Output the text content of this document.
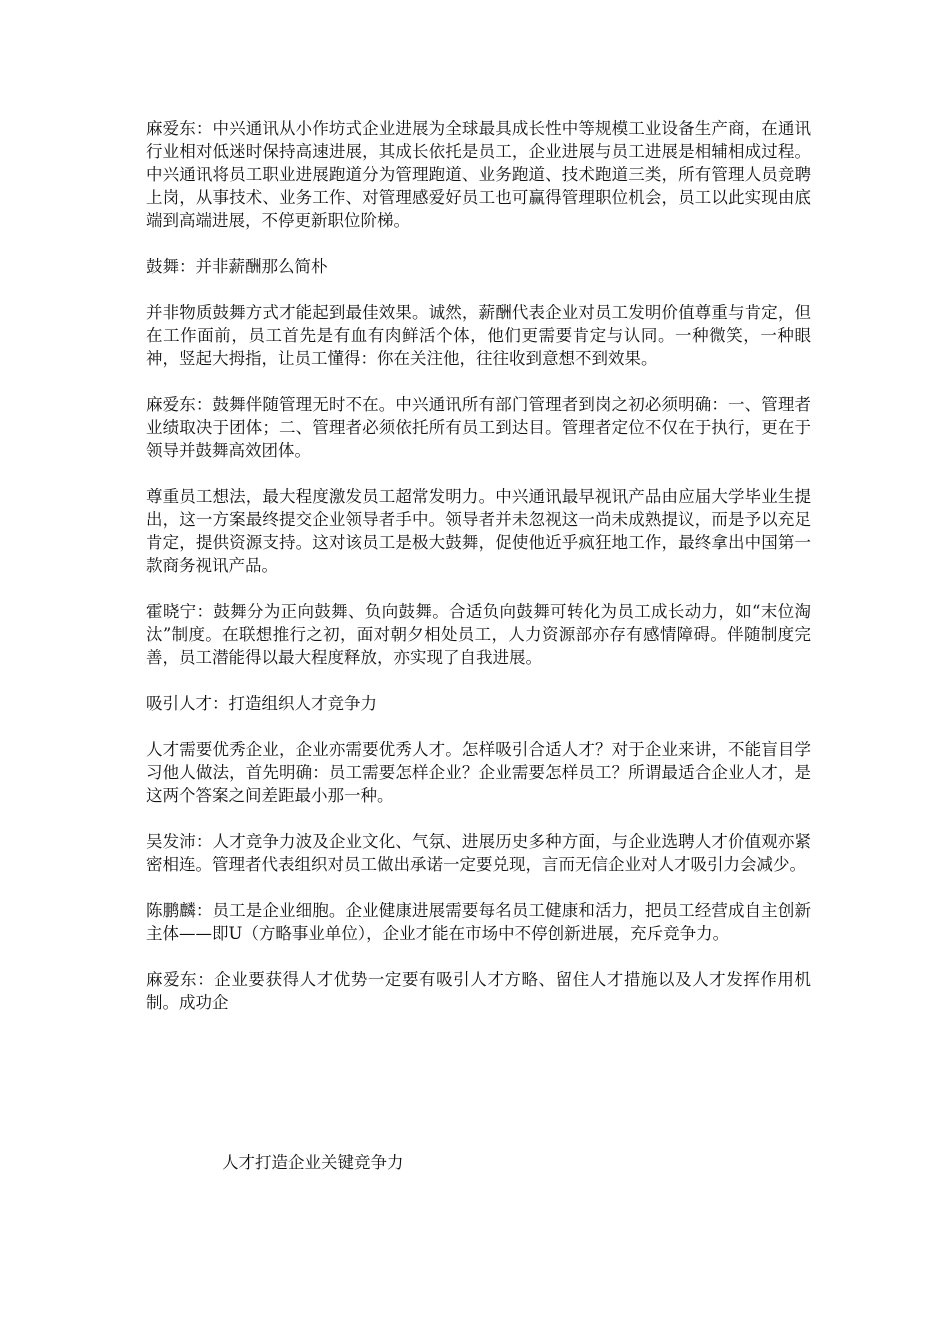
麻爱东：中兴通讯从小作坊式企业进展为全球最具成长性中等规模工业设备生产商，在通讯行业相对低迷时保持高速进展，其成长依托是员工，企业进展与员工进展是相辅相成过程。中兴通讯将员工职业进展跑道分为管理跑道、业务跑道、技术跑道三类，所有管理人员竞聘上岗，从事技术、业务工作、对管理感爱好员工也可赢得管理职位机会，员工以此实现由底端到高端进展，不停更新职位阶梯。

鼓舞：并非薪酬那么简朴

并非物质鼓舞方式才能起到最佳效果。诚然，薪酬代表企业对员工发明价值尊重与肯定，但在工作面前，员工首先是有血有肉鲜活个体，他们更需要肯定与认同。一种微笑，一种眼神，竖起大拇指，让员工懂得：你在关注他，往往收到意想不到效果。

麻爱东：鼓舞伴随管理无时不在。中兴通讯所有部门管理者到岗之初必须明确：一、管理者业绩取决于团体；二、管理者必须依托所有员工到达目。管理者定位不仅在于执行，更在于领导并鼓舞高效团体。

尊重员工想法，最大程度激发员工超常发明力。中兴通讯最早视讯产品由应届大学毕业生提出，这一方案最终提交企业领导者手中。领导者并未忽视这一尚未成熟提议，而是予以充足肯定，提供资源支持。这对该员工是极大鼓舞，促使他近乎疯狂地工作，最终拿出中国第一款商务视讯产品。

霍晓宁：鼓舞分为正向鼓舞、负向鼓舞。合适负向鼓舞可转化为员工成长动力，如“末位淘汰”制度。在联想推行之初，面对朝夕相处员工，人力资源部亦存有感情障碍。伴随制度完善，员工潜能得以最大程度释放，亦实现了自我进展。

吸引人才：打造组织人才竞争力

人才需要优秀企业，企业亦需要优秀人才。怎样吸引合适人才？对于企业来讲，不能盲目学习他人做法，首先明确：员工需要怎样企业？企业需要怎样员工？所谓最适合企业人才，是这两个答案之间差距最小那一种。

吴发沛：人才竞争力波及企业文化、气氛、进展历史多种方面，与企业选聘人才价值观亦紧密相连。管理者代表组织对员工做出承诺一定要兑现，言而无信企业对人才吸引力会减少。

陈鹏麟：员工是企业细胞。企业健康进展需要每名员工健康和活力，把员工经营成自主创新主体——即U（方略事业单位），企业才能在市场中不停创新进展，充斥竞争力。

麻爱东：企业要获得人才优势一定要有吸引人才方略、留住人才措施以及人才发挥作用机制。成功企

人才打造企业关键竞争力
